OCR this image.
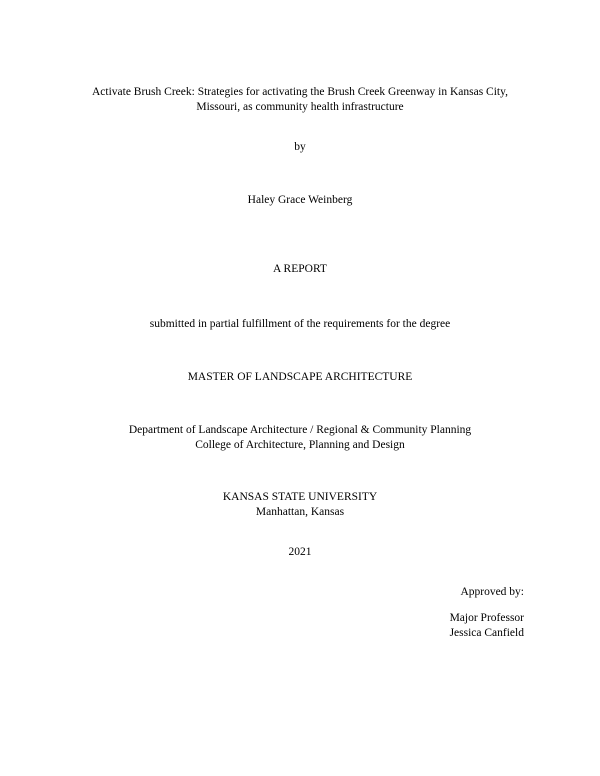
Activate Brush Creek: Strategies for activating the Brush Creek Greenway in Kansas City,
Missouri, as community health infrastructure
by
Haley Grace Weinberg
A REPORT
submitted in partial fulfillment of the requirements for the degree
MASTER OF LANDSCAPE ARCHITECTURE
Department of Landscape Architecture / Regional & Community Planning
College of Architecture, Planning and Design
KANSAS STATE UNIVERSITY
Manhattan, Kansas
2021
Approved by:
Major Professor
Jessica Canfield
